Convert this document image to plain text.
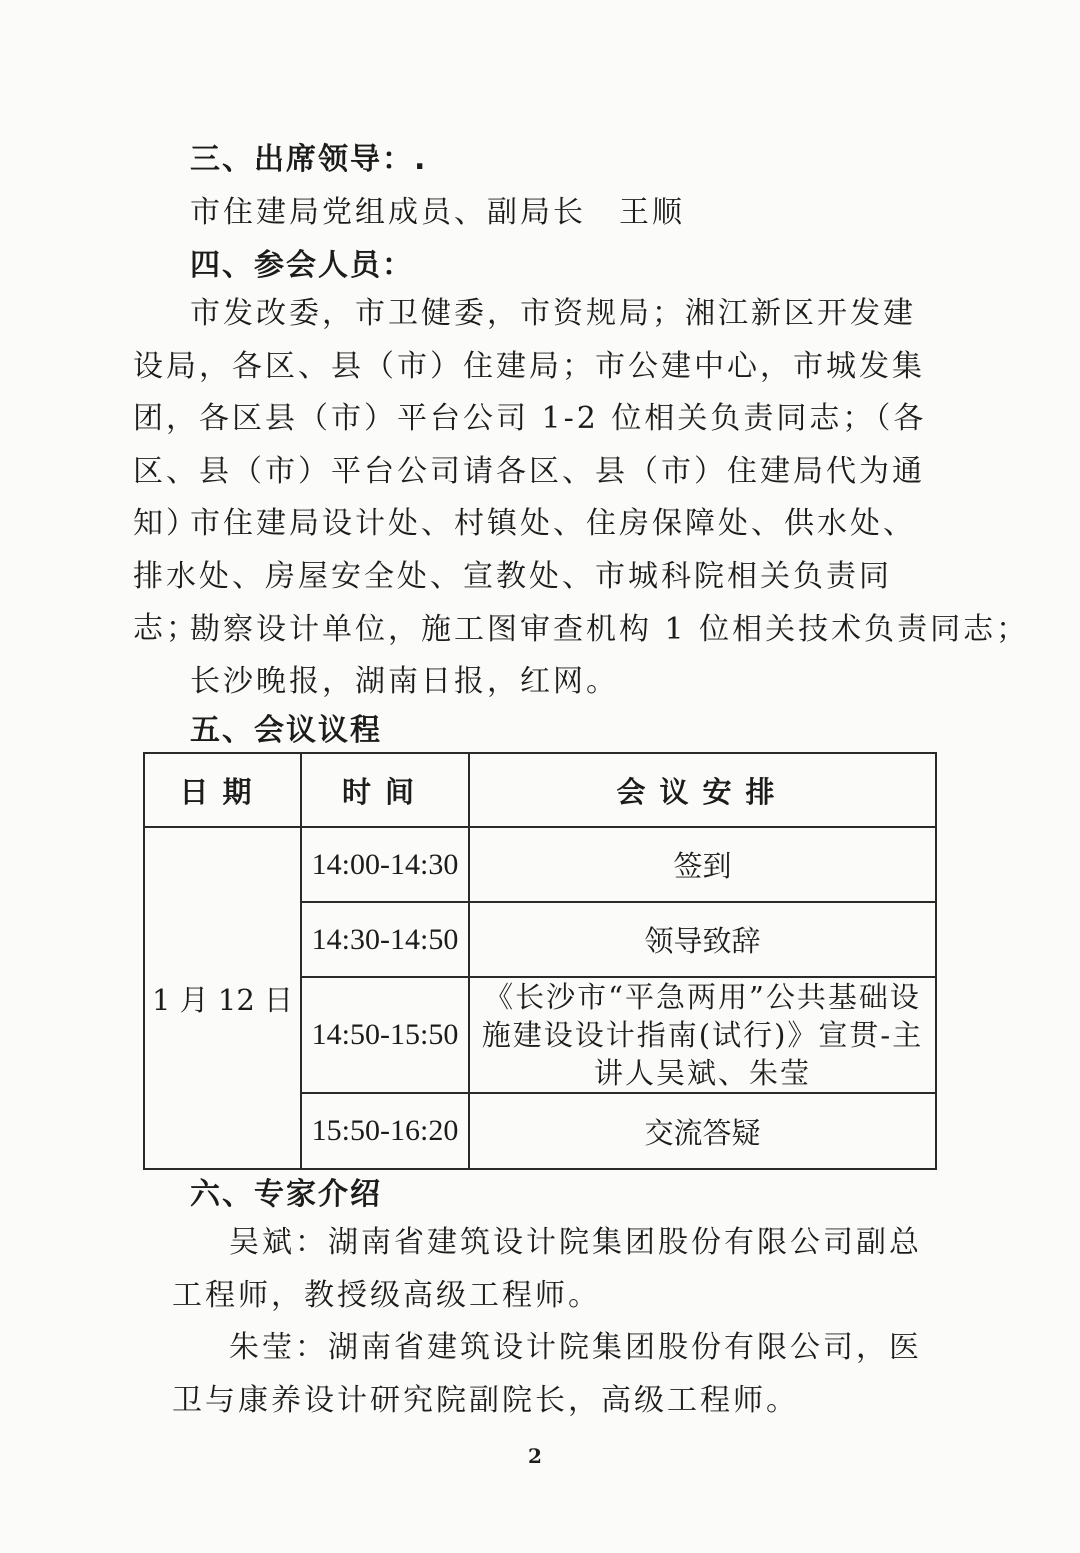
三、出席领导：.
市住建局党组成员、副局长　王顺
四、参会人员：
市发改委，市卫健委，市资规局；湘江新区开发建设局，各区、县（市）住建局；市公建中心，市城发集团，各区县（市）平台公司 1-2 位相关负责同志；（各区、县（市）平台公司请各区、县（市）住建局代为通知）
市住建局设计处、村镇处、住房保障处、供水处、排水处、房屋安全处、宣教处、市城科院相关负责同志；
勘察设计单位，施工图审查机构 1 位相关技术负责同志；
长沙晚报，湖南日报，红网。
五、会议议程
日期	时间	会议安排
1 月 12 日	14:00-14:30	签到
	14:30-14:50	领导致辞
	14:50-15:50	《长沙市“平急两用”公共基础设施建设设计指南(试行)》宣贯-主讲人吴斌、朱莹
	15:50-16:20	交流答疑
六、专家介绍
吴斌：湖南省建筑设计院集团股份有限公司副总工程师，教授级高级工程师。
朱莹：湖南省建筑设计院集团股份有限公司，医卫与康养设计研究院副院长，高级工程师。
2
